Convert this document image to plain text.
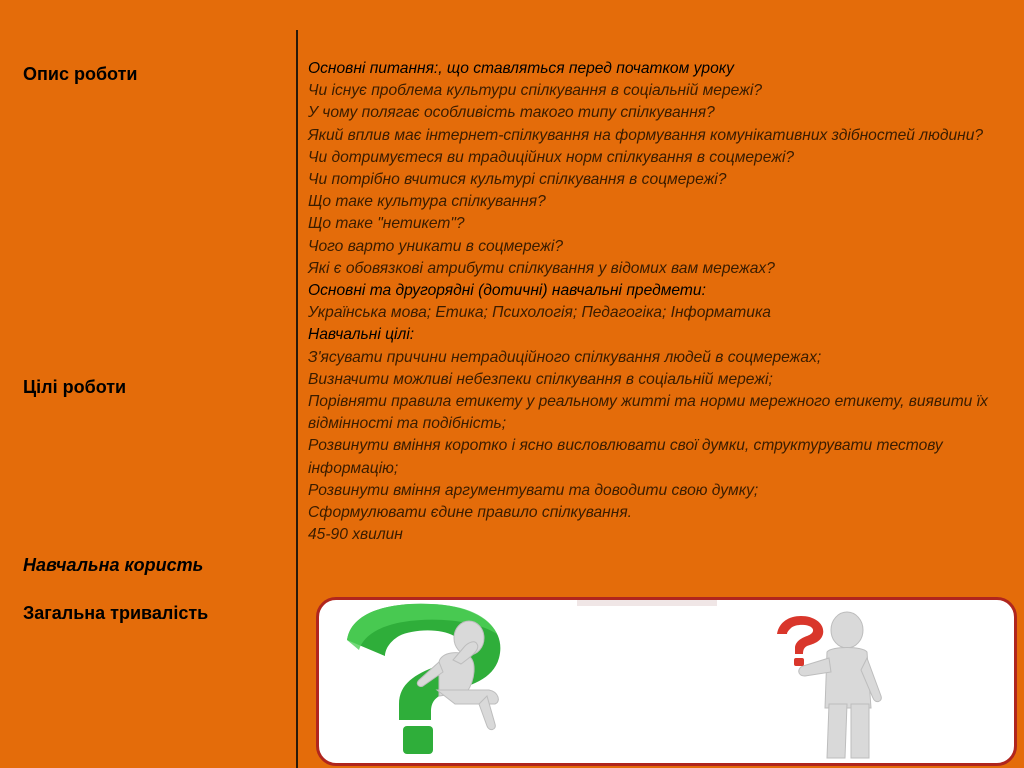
Опис роботи
Цілі роботи
Навчальна користь
Загальна тривалість
Основні питання:, що ставляться перед початком уроку
Чи існує проблема культури спілкування в соціальній мережі?
У чому полягає особливість такого типу спілкування?
Який вплив має інтернет-спілкування на формування комунікативних здібностей людини?
Чи дотримуєтеся ви традиційних норм спілкування в соцмережі?
Чи потрібно вчитися культурі спілкування в соцмережі?
Що таке культура спілкування?
Що таке "нетикет"?
Чого варто уникати в соцмережі?
Які є обовязкові атрибути спілкування у відомих вам мережах?
Основні та другорядні (дотичні) навчальні предмети:
Українська мова; Етика; Психологія; Педагогіка; Інформатика
Навчальні цілі:
З'ясувати причини нетрадиційного спілкування людей в соцмережах;
Визначити можливі небезпеки спілкування в соціальній мережі;
Порівняти правила етикету у реальному житті та норми мережного етикету, виявити їх відмінності та подібність;
Розвинути вміння коротко і ясно висловлювати свої думки, структурувати тестову інформацію;
Розвинути вміння аргументувати та доводити свою думку;
Сформулювати єдине правило спілкування.
45-90 хвилин
